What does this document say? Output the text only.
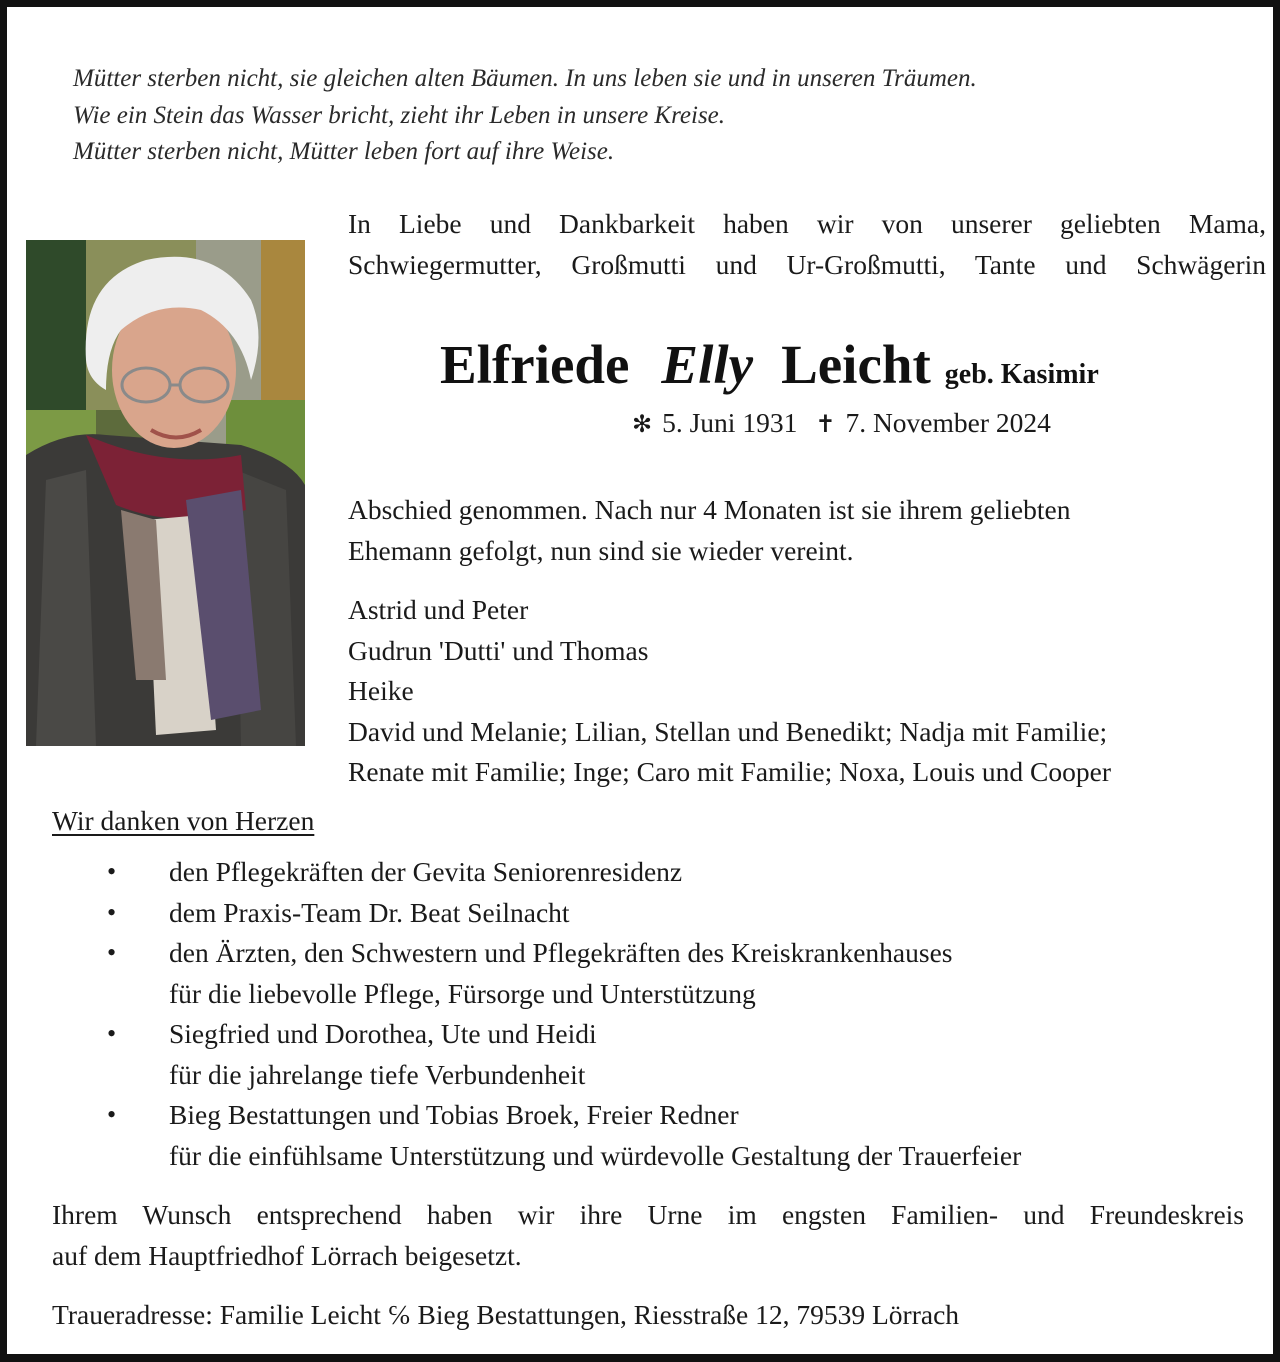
Mütter sterben nicht, sie gleichen alten Bäumen. In uns leben sie und in unseren Träumen.
Wie ein Stein das Wasser bricht, zieht ihr Leben in unsere Kreise.
Mütter sterben nicht, Mütter leben fort auf ihre Weise.
In Liebe und Dankbarkeit haben wir von unserer geliebten Mama,
Schwiegermutter, Großmutti und Ur-Großmutti, Tante und Schwägerin
Elfriede Elly Leicht geb. Kasimir
✻ 5. Juni 1931 ✝ 7. November 2024
Abschied genommen. Nach nur 4 Monaten ist sie ihrem geliebten
Ehemann gefolgt, nun sind sie wieder vereint.
Astrid und Peter
Gudrun 'Dutti' und Thomas
Heike
David und Melanie; Lilian, Stellan und Benedikt; Nadja mit Familie;
Renate mit Familie; Inge; Caro mit Familie; Noxa, Louis und Cooper
Wir danken von Herzen
• den Pflegekräften der Gevita Seniorenresidenz
• dem Praxis-Team Dr. Beat Seilnacht
• den Ärzten, den Schwestern und Pflegekräften des Kreiskrankenhauses
für die liebevolle Pflege, Fürsorge und Unterstützung
• Siegfried und Dorothea, Ute und Heidi
für die jahrelange tiefe Verbundenheit
• Bieg Bestattungen und Tobias Broek, Freier Redner
für die einfühlsame Unterstützung und würdevolle Gestaltung der Trauerfeier
Ihrem Wunsch entsprechend haben wir ihre Urne im engsten Familien- und Freundeskreis
auf dem Hauptfriedhof Lörrach beigesetzt.
Traueradresse: Familie Leicht ℅ Bieg Bestattungen, Riesstraße 12, 79539 Lörrach
